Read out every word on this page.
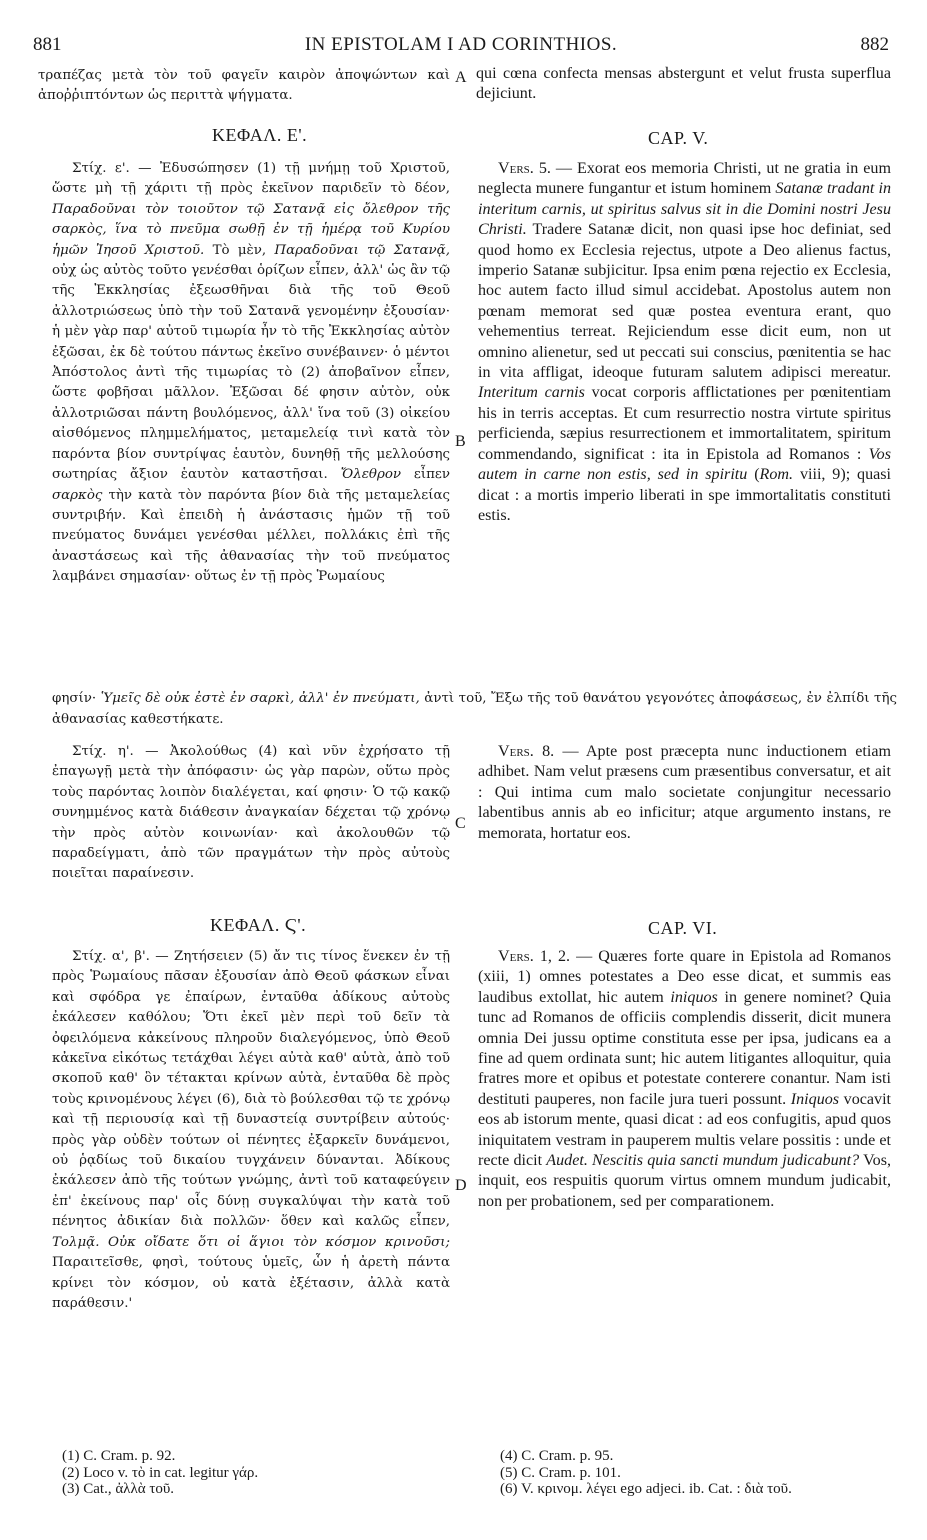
881	IN EPISTOLAM I AD CORINTHIOS.	882
A
B
C
D

τραπέζας μετὰ τὸν τοῦ φαγεῖν καιρὸν ἀποψώντων καὶ ἀποῤῥιπτόντων ὡς περιττὰ ψήγματα.

qui cœna confecta mensas abstergunt et velut frusta superflua dejiciunt.

ΚΕΦΑΛ. Ε'.	CAP. V.

Στίχ. ε'. — Ἐδυσώπησεν (1) τῇ μνήμῃ τοῦ Χριστοῦ, ὥστε μὴ τῇ χάριτι τῇ πρὸς ἐκεῖνον παριδεῖν τὸ δέον, Παραδοῦναι τὸν τοιοῦτον τῷ Σατανᾷ εἰς ὄλεθρον τῆς σαρκὸς, ἵνα τὸ πνεῦμα σωθῇ ἐν τῇ ἡμέρᾳ τοῦ Κυρίου ἡμῶν Ἰησοῦ Χριστοῦ. Τὸ μὲν, Παραδοῦναι τῷ Σατανᾷ, οὐχ ὡς αὐτὸς τοῦτο γενέσθαι ὁρίζων εἶπεν, ἀλλ' ὡς ἂν τῷ τῆς Ἐκκλησίας ἐξεωσθῆναι διὰ τῆς τοῦ Θεοῦ ἀλλοτριώσεως ὑπὸ τὴν τοῦ Σατανᾶ γενομένην ἐξουσίαν· ἡ μὲν γὰρ παρ' αὐτοῦ τιμωρία ἦν τὸ τῆς Ἐκκλησίας αὐτὸν ἐξῶσαι, ἐκ δὲ τούτου πάντως ἐκεῖνο συνέβαινεν· ὁ μέντοι Ἀπόστολος ἀντὶ τῆς τιμωρίας τὸ (2) ἀποβαῖνον εἶπεν, ὥστε φοβῆσαι μᾶλλον. Ἐξῶσαι δέ φησιν αὐτὸν, οὐκ ἀλλοτριῶσαι πάντη βουλόμενος, ἀλλ' ἵνα τοῦ (3) οἰκείου αἰσθόμενος πλημμελήματος, μεταμελείᾳ τινὶ κατὰ τὸν παρόντα βίον συντρίψας ἑαυτὸν, δυνηθῇ τῆς μελλούσης σωτηρίας ἄξιον ἑαυτὸν καταστῆσαι. Ὄλεθρον εἶπεν σαρκὸς τὴν κατὰ τὸν παρόντα βίον διὰ τῆς μεταμελείας συντριβήν. Καὶ ἐπειδὴ ἡ ἀνάστασις ἡμῶν τῇ τοῦ πνεύματος δυνάμει γενέσθαι μέλλει, πολλάκις ἐπὶ τῆς ἀναστάσεως καὶ τῆς ἀθανασίας τὴν τοῦ πνεύματος λαμβάνει σημασίαν· οὕτως ἐν τῇ πρὸς Ῥωμαίους

Vers. 5. — Exorat eos memoria Christi, ut ne gratia in eum neglecta munere fungantur et istum hominem Satanæ tradant in interitum carnis, ut spiritus salvus sit in die Domini nostri Jesu Christi. Tradere Satanæ dicit, non quasi ipse hoc definiat, sed quod homo ex Ecclesia rejectus, utpote a Deo alienus factus, imperio Satanæ subjicitur. Ipsa enim pœna rejectio ex Ecclesia, hoc autem facto illud simul accidebat. Apostolus autem non pœnam memorat sed quæ postea eventura erant, quo vehementius terreat. Rejiciendum esse dicit eum, non ut omnino alienetur, sed ut peccati sui conscius, pœnitentia se hac in vita affligat, ideoque futuram salutem adipisci mereatur. Interitum carnis vocat corporis afflictationes per pœnitentiam his in terris acceptas. Et cum resurrectio nostra virtute spiritus perficienda, sæpius resurrectionem et immortalitatem, spiritum commendando, significat : ita in Epistola ad Romanos : Vos autem in carne non estis, sed in spiritu (Rom. viii, 9); quasi dicat : a mortis imperio liberati in spe immortalitatis constituti estis.

φησίν· Ὑμεῖς δὲ οὐκ ἐστὲ ἐν σαρκὶ, ἀλλ' ἐν πνεύματι, ἀντὶ τοῦ, Ἔξω τῆς τοῦ θανάτου γεγονότες ἀποφάσεως, ἐν ἐλπίδι τῆς ἀθανασίας καθεστήκατε.

Στίχ. η'. — Ἀκολούθως (4) καὶ νῦν ἐχρήσατο τῇ ἐπαγωγῇ μετὰ τὴν ἀπόφασιν· ὡς γὰρ παρὼν, οὕτω πρὸς τοὺς παρόντας λοιπὸν διαλέγεται, καί φησιν· Ὁ τῷ κακῷ συνημμένος κατὰ διάθεσιν ἀναγκαίαν δέχεται τῷ χρόνῳ τὴν πρὸς αὐτὸν κοινωνίαν· καὶ ἀκολουθῶν τῷ παραδείγματι, ἀπὸ τῶν πραγμάτων τὴν πρὸς αὐτοὺς ποιεῖται παραίνεσιν.

Vers. 8. — Apte post præcepta nunc inductionem etiam adhibet. Nam velut præsens cum præsentibus conversatur, et ait : Qui intima cum malo societate conjungitur necessario labentibus annis ab eo inficitur; atque argumento instans, re memorata, hortatur eos.

ΚΕΦΑΛ. Ϛ'.	CAP. VI.

Στίχ. α', β'. — Ζητήσειεν (5) ἄν τις τίνος ἕνεκεν ἐν τῇ πρὸς Ῥωμαίους πᾶσαν ἐξουσίαν ἀπὸ Θεοῦ φάσκων εἶναι καὶ σφόδρα γε ἐπαίρων, ἐνταῦθα ἀδίκους αὐτοὺς ἐκάλεσεν καθόλου; Ὅτι ἐκεῖ μὲν περὶ τοῦ δεῖν τὰ ὀφειλόμενα κἀκείνους πληροῦν διαλεγόμενος, ὑπὸ Θεοῦ κἀκεῖνα εἰκότως τετάχθαι λέγει αὐτὰ καθ' αὑτὰ, ἀπὸ τοῦ σκοποῦ καθ' ὃν τέτακται κρίνων αὐτὰ, ἐνταῦθα δὲ πρὸς τοὺς κρινομένους λέγει (6), διὰ τὸ βούλεσθαι τῷ τε χρόνῳ καὶ τῇ περιουσίᾳ καὶ τῇ δυναστείᾳ συντρίβειν αὐτούς· πρὸς γὰρ οὐδὲν τούτων οἱ πένητες ἐξαρκεῖν δυνάμενοι, οὐ ῥᾳδίως τοῦ δικαίου τυγχάνειν δύνανται. Ἀδίκους ἐκάλεσεν ἀπὸ τῆς τούτων γνώμης, ἀντὶ τοῦ καταφεύγειν ἐπ' ἐκείνους παρ' οἷς δύνῃ συγκαλύψαι τὴν κατὰ τοῦ πένητος ἀδικίαν διὰ πολλῶν· ὅθεν καὶ καλῶς εἶπεν, Τολμᾷ. Οὐκ οἴδατε ὅτι οἱ ἅγιοι τὸν κόσμον κρινοῦσι; Παραιτεῖσθε, φησὶ, τούτους ὑμεῖς, ὧν ἡ ἀρετὴ πάντα κρίνει τὸν κόσμον, οὐ κατὰ ἐξέτασιν, ἀλλὰ κατὰ παράθεσιν.'

Vers. 1, 2. — Quæres forte quare in Epistola ad Romanos (xiii, 1) omnes potestates a Deo esse dicat, et summis eas laudibus extollat, hic autem iniquos in genere nominet? Quia tunc ad Romanos de officiis complendis disserit, dicit munera omnia Dei jussu optime constituta esse per ipsa, judicans ea a fine ad quem ordinata sunt; hic autem litigantes alloquitur, quia fratres more et opibus et potestate conterere conantur. Nam isti destituti pauperes, non facile jura tueri possunt. Iniquos vocavit eos ab istorum mente, quasi dicat : ad eos confugitis, apud quos iniquitatem vestram in pauperem multis velare possitis : unde et recte dicit Audet. Nescitis quia sancti mundum judicabunt? Vos, inquit, eos respuitis quorum virtus omnem mundum judicabit, non per probationem, sed per comparationem.

(1) C. Cram. p. 92.
(2) Loco v. τὸ in cat. legitur γάρ.
(3) Cat., ἀλλὰ τοῦ.
(4) C. Cram. p. 95.
(5) C. Cram. p. 101.
(6) V. κρινομ. λέγει ego adjeci. ib. Cat. : διὰ τοῦ.
